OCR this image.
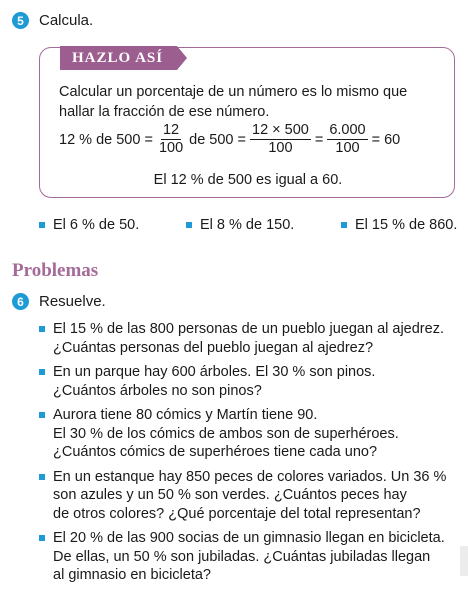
5	Calcula.
HAZLO ASÍ
Calcular un porcentaje de un número es lo mismo que
hallar la fracción de ese número.
12 % de $500 = \frac{12}{100}$ de $500 = \frac{12 \times 500}{100} = \frac{6.000}{100} = 60$
El 12 % de 500 es igual a 60.
El 6 % de 50.	El 8 % de 150.	El 15 % de 860.
Problemas
6	Resuelve.
El 15 % de las 800 personas de un pueblo juegan al ajedrez.
¿Cuántas personas del pueblo juegan al ajedrez?
En un parque hay 600 árboles. El 30 % son pinos.
¿Cuántos árboles no son pinos?
Aurora tiene 80 cómics y Martín tiene 90.
El 30 % de los cómics de ambos son de superhéroes.
¿Cuántos cómics de superhéroes tiene cada uno?
En un estanque hay 850 peces de colores variados. Un 36 %
son azules y un 50 % son verdes. ¿Cuántos peces hay
de otros colores? ¿Qué porcentaje del total representan?
El 20 % de las 900 socias de un gimnasio llegan en bicicleta.
De ellas, un 50 % son jubiladas. ¿Cuántas jubiladas llegan
al gimnasio en bicicleta?
